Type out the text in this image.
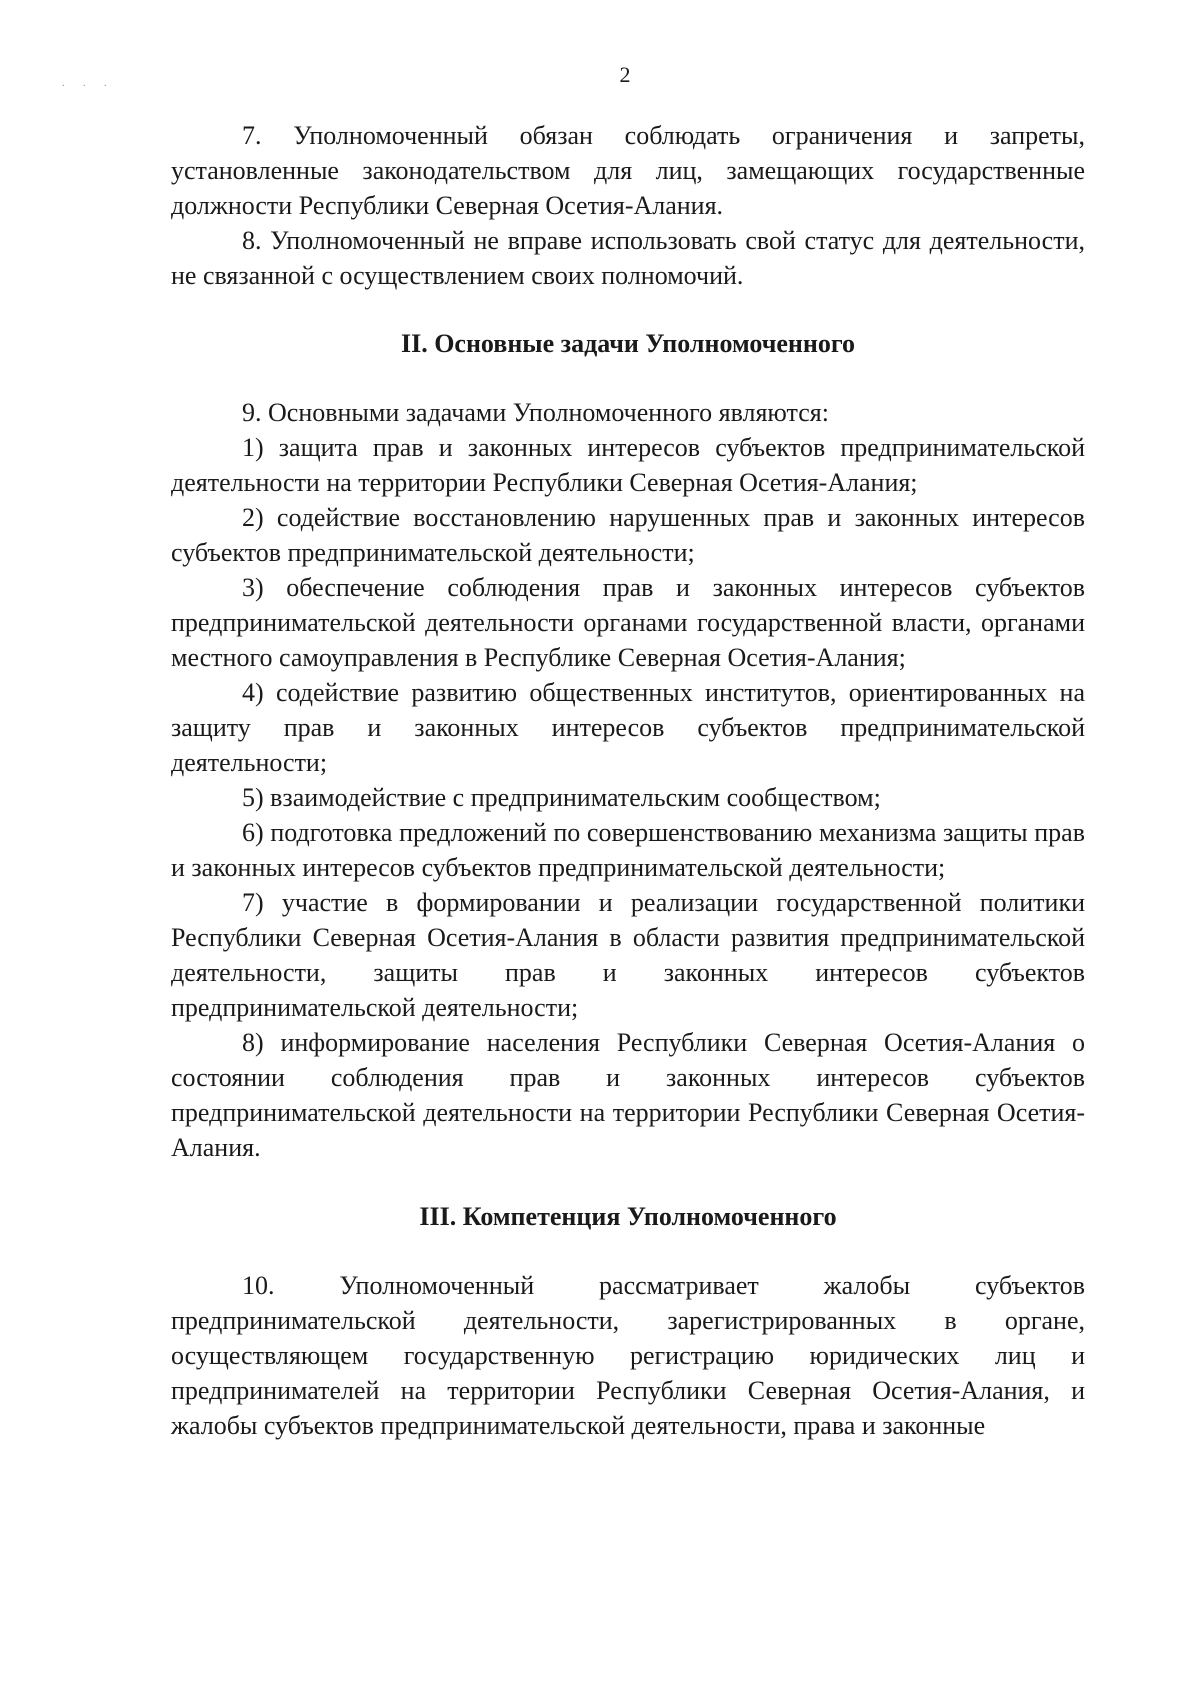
2
. . .

7. Уполномоченный обязан соблюдать ограничения и запреты, установленные законодательством для лиц, замещающих государственные должности Республики Северная Осетия-Алания.

8. Уполномоченный не вправе использовать свой статус для деятельности, не связанной с осуществлением своих полномочий.

II. Основные задачи Уполномоченного

9. Основными задачами Уполномоченного являются:

1) защита прав и законных интересов субъектов предпринимательской деятельности на территории Республики Северная Осетия-Алания;

2) содействие восстановлению нарушенных прав и законных интересов субъектов предпринимательской деятельности;

3) обеспечение соблюдения прав и законных интересов субъектов предпринимательской деятельности органами государственной власти, органами местного самоуправления в Республике Северная Осетия-Алания;

4) содействие развитию общественных институтов, ориентированных на защиту прав и законных интересов субъектов предпринимательской деятельности;

5) взаимодействие с предпринимательским сообществом;

6) подготовка предложений по совершенствованию механизма защиты прав и законных интересов субъектов предпринимательской деятельности;

7) участие в формировании и реализации государственной политики Республики Северная Осетия-Алания в области развития предпринимательской деятельности, защиты прав и законных интересов субъектов предпринимательской деятельности;

8) информирование населения Республики Северная Осетия-Алания о состоянии соблюдения прав и законных интересов субъектов предпринимательской деятельности на территории Республики Северная Осетия-Алания.

III. Компетенция Уполномоченного

10. Уполномоченный рассматривает жалобы субъектов предпринимательской деятельности, зарегистрированных в органе, осуществляющем государственную регистрацию юридических лиц и предпринимателей на территории Республики Северная Осетия-Алания, и жалобы субъектов предпринимательской деятельности, права и законные
